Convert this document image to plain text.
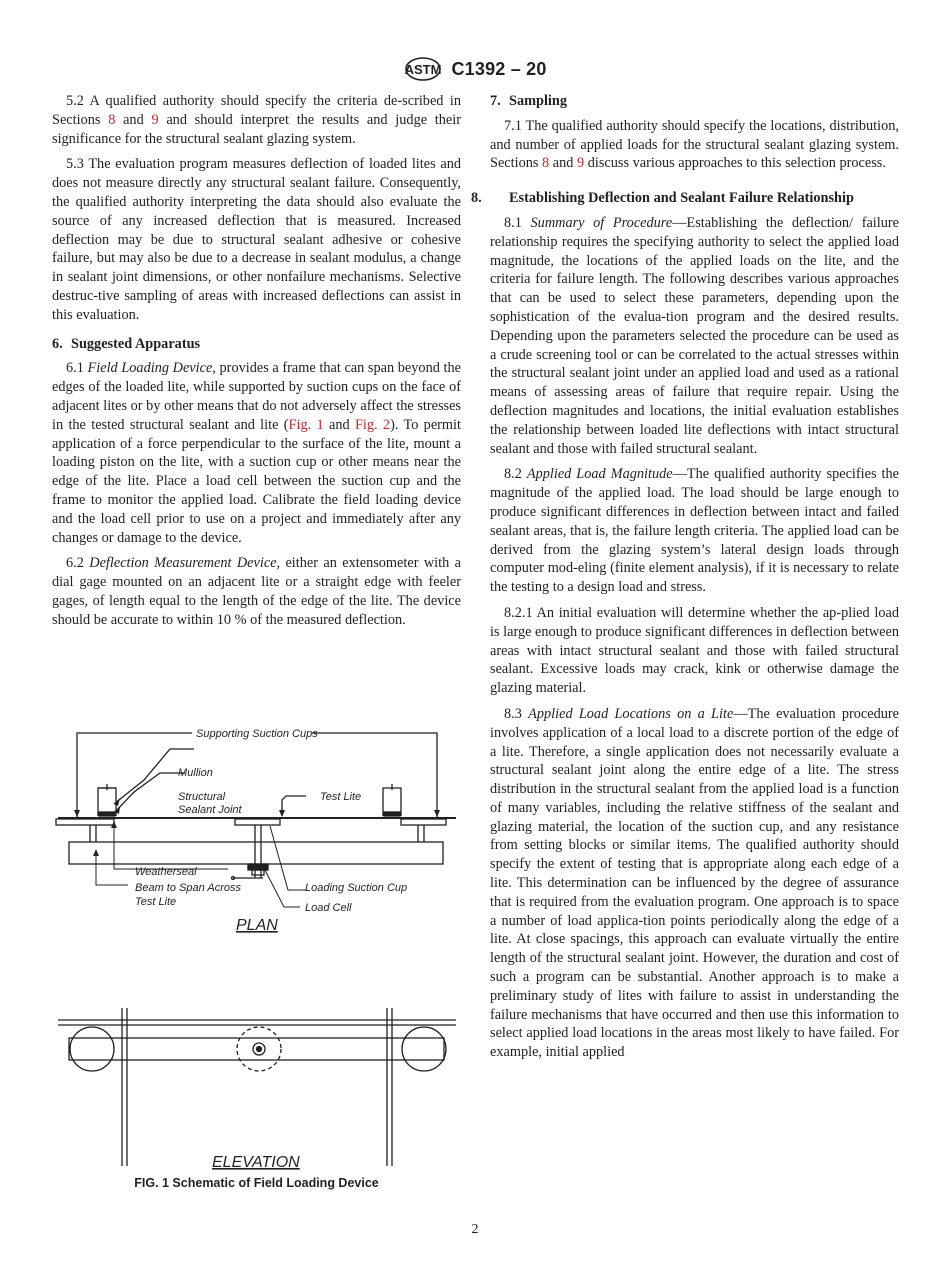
ASTM C1392 – 20

5.2 A qualified authority should specify the criteria de-scribed in Sections 8 and 9 and should interpret the results and judge their significance for the structural sealant glazing system.

5.3 The evaluation program measures deflection of loaded lites and does not measure directly any structural sealant failure. Consequently, the qualified authority interpreting the data should also evaluate the source of any increased deflection that is measured. Increased deflection may be due to structural sealant adhesive or cohesive failure, but may also be due to a decrease in sealant modulus, a change in sealant joint dimensions, or other nonfailure mechanisms. Selective destruc-tive sampling of areas with increased deflections can assist in this evaluation.

6. Suggested Apparatus

6.1 Field Loading Device, provides a frame that can span beyond the edges of the loaded lite, while supported by suction cups on the face of adjacent lites or by other means that do not adversely affect the stresses in the tested structural sealant and lite (Fig. 1 and Fig. 2). To permit application of a force perpendicular to the surface of the lite, mount a loading piston on the lite, with a suction cup or other means near the edge of the lite. Place a load cell between the suction cup and the frame to monitor the applied load. Calibrate the field loading device and the load cell prior to use on a project and immediately after any changes or damage to the device.

6.2 Deflection Measurement Device, either an extensometer with a dial gage mounted on an adjacent lite or a straight edge with feeler gages, of length equal to the length of the edge of the lite. The device should be accurate to within 10 % of the measured deflection.

Supporting Suction Cups
Mullion
Structural
Sealant Joint
Test Lite
Weatherseal
Beam to Span Across
Test Lite
Loading Suction Cup
Load Cell
PLAN
ELEVATION
FIG. 1 Schematic of Field Loading Device
7. Sampling

7.1 The qualified authority should specify the locations, distribution, and number of applied loads for the structural sealant glazing system. Sections 8 and 9 discuss various approaches to this selection process.

8. Establishing Deflection and Sealant Failure Relationship

8.1 Summary of Procedure—Establishing the deflection/ failure relationship requires the specifying authority to select the applied load magnitude, the locations of the applied loads on the lite, and the criteria for failure length. The following describes various approaches that can be used to select these parameters, depending upon the sophistication of the evalua-tion program and the desired results. Depending upon the parameters selected the procedure can be used as a crude screening tool or can be correlated to the actual stresses within the structural sealant joint under an applied load and used as a rational means of assessing areas of failure that require repair. Using the deflection magnitudes and locations, the initial evaluation establishes the relationship between loaded lite deflections with intact structural sealant and those with failed structural sealant.

8.2 Applied Load Magnitude—The qualified authority specifies the magnitude of the applied load. The load should be large enough to produce significant differences in deflection between intact and failed sealant areas, that is, the failure length criteria. The applied load can be derived from the glazing system’s lateral design loads through computer mod-eling (finite element analysis), if it is necessary to relate the testing to a design load and stress.

8.2.1 An initial evaluation will determine whether the ap-plied load is large enough to produce significant differences in deflection between areas with intact structural sealant and those with failed structural sealant. Excessive loads may crack, kink or otherwise damage the glazing material.

8.3 Applied Load Locations on a Lite—The evaluation procedure involves application of a local load to a discrete portion of the edge of a lite. Therefore, a single application does not necessarily evaluate a structural sealant joint along the entire edge of a lite. The stress distribution in the structural sealant from the applied load is a function of many variables, including the relative stiffness of the sealant and glazing material, the location of the suction cup, and any resistance from setting blocks or similar items. The qualified authority should specify the extent of testing that is appropriate along each edge of a lite. This determination can be influenced by the degree of assurance that is required from the evaluation program. One approach is to space a number of load applica-tion points periodically along the edge of a lite. At close spacings, this approach can evaluate virtually the entire length of the structural sealant joint. However, the duration and cost of such a program can be substantial. Another approach is to make a preliminary study of lites with failure to assist in understanding the failure mechanisms that have occurred and then use this information to select applied load locations in the areas most likely to have failed. For example, initial applied

2
